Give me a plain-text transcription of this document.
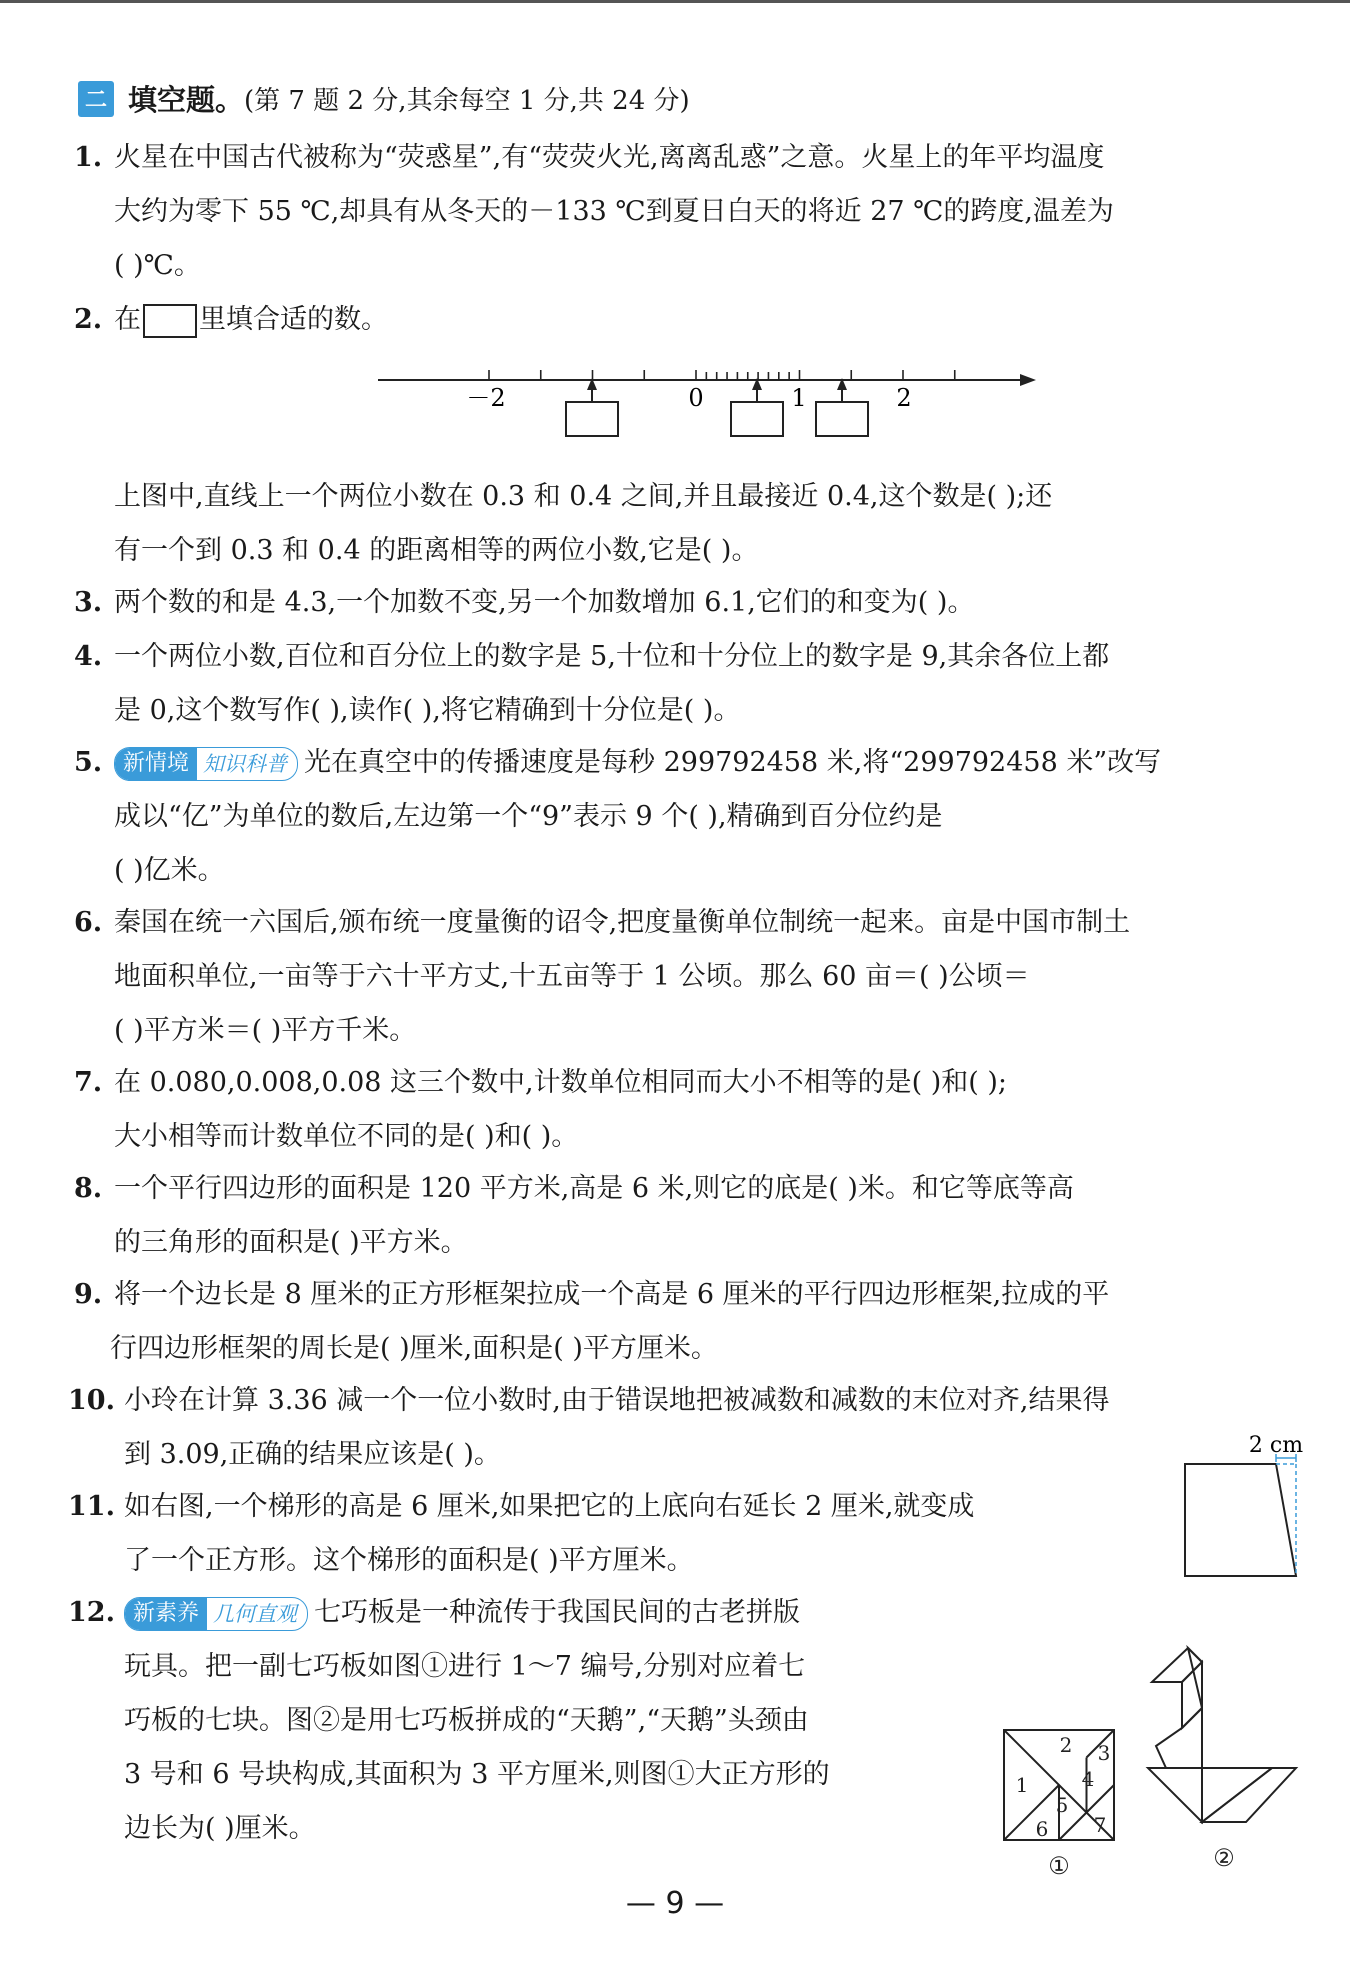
二 填空题。 (第 7 题 2 分,其余每空 1 分,共 24 分)
1. 火星在中国古代被称为“荧惑星”,有“荧荧火光,离离乱惑”之意。火星上的年平均温度
大约为零下 55 ℃,却具有从冬天的－133 ℃到夏日白天的将近 27 ℃的跨度,温差为
( )℃。
2. 在 里填合适的数。
－2	0	1	2
上图中,直线上一个两位小数在 0.3 和 0.4 之间,并且最接近 0.4,这个数是( );还
有一个到 0.3 和 0.4 的距离相等的两位小数,它是( )。
3. 两个数的和是 4.3,一个加数不变,另一个加数增加 6.1,它们的和变为( )。
4. 一个两位小数,百位和百分位上的数字是 5,十位和十分位上的数字是 9,其余各位上都
是 0,这个数写作( ),读作( ),将它精确到十分位是( )。
5. 新情境 知识科普 光在真空中的传播速度是每秒 299792458 米,将“299792458 米”改写
成以“亿”为单位的数后,左边第一个“9”表示 9 个( ),精确到百分位约是
( )亿米。
6. 秦国在统一六国后,颁布统一度量衡的诏令,把度量衡单位制统一起来。亩是中国市制土
地面积单位,一亩等于六十平方丈,十五亩等于 1 公顷。那么 60 亩＝( )公顷＝
( )平方米＝( )平方千米。
7. 在 0.080,0.008,0.08 这三个数中,计数单位相同而大小不相等的是( )和( );
大小相等而计数单位不同的是( )和( )。
8. 一个平行四边形的面积是 120 平方米,高是 6 米,则它的底是( )米。和它等底等高
的三角形的面积是( )平方米。
9. 将一个边长是 8 厘米的正方形框架拉成一个高是 6 厘米的平行四边形框架,拉成的平
行四边形框架的周长是( )厘米,面积是( )平方厘米。
10. 小玲在计算 3.36 减一个一位小数时,由于错误地把被减数和减数的末位对齐,结果得
到 3.09,正确的结果应该是( )。
11. 如右图,一个梯形的高是 6 厘米,如果把它的上底向右延长 2 厘米,就变成
了一个正方形。这个梯形的面积是( )平方厘米。
2 cm
12. 新素养 几何直观 七巧板是一种流传于我国民间的古老拼版
玩具。把一副七巧板如图①进行 1～7 编号,分别对应着七
巧板的七块。图②是用七巧板拼成的“天鹅”,“天鹅”头颈由
3 号和 6 号块构成,其面积为 3 平方厘米,则图①大正方形的
边长为( )厘米。
1
2 3
4
5
6 7
①	②
— 9 —
